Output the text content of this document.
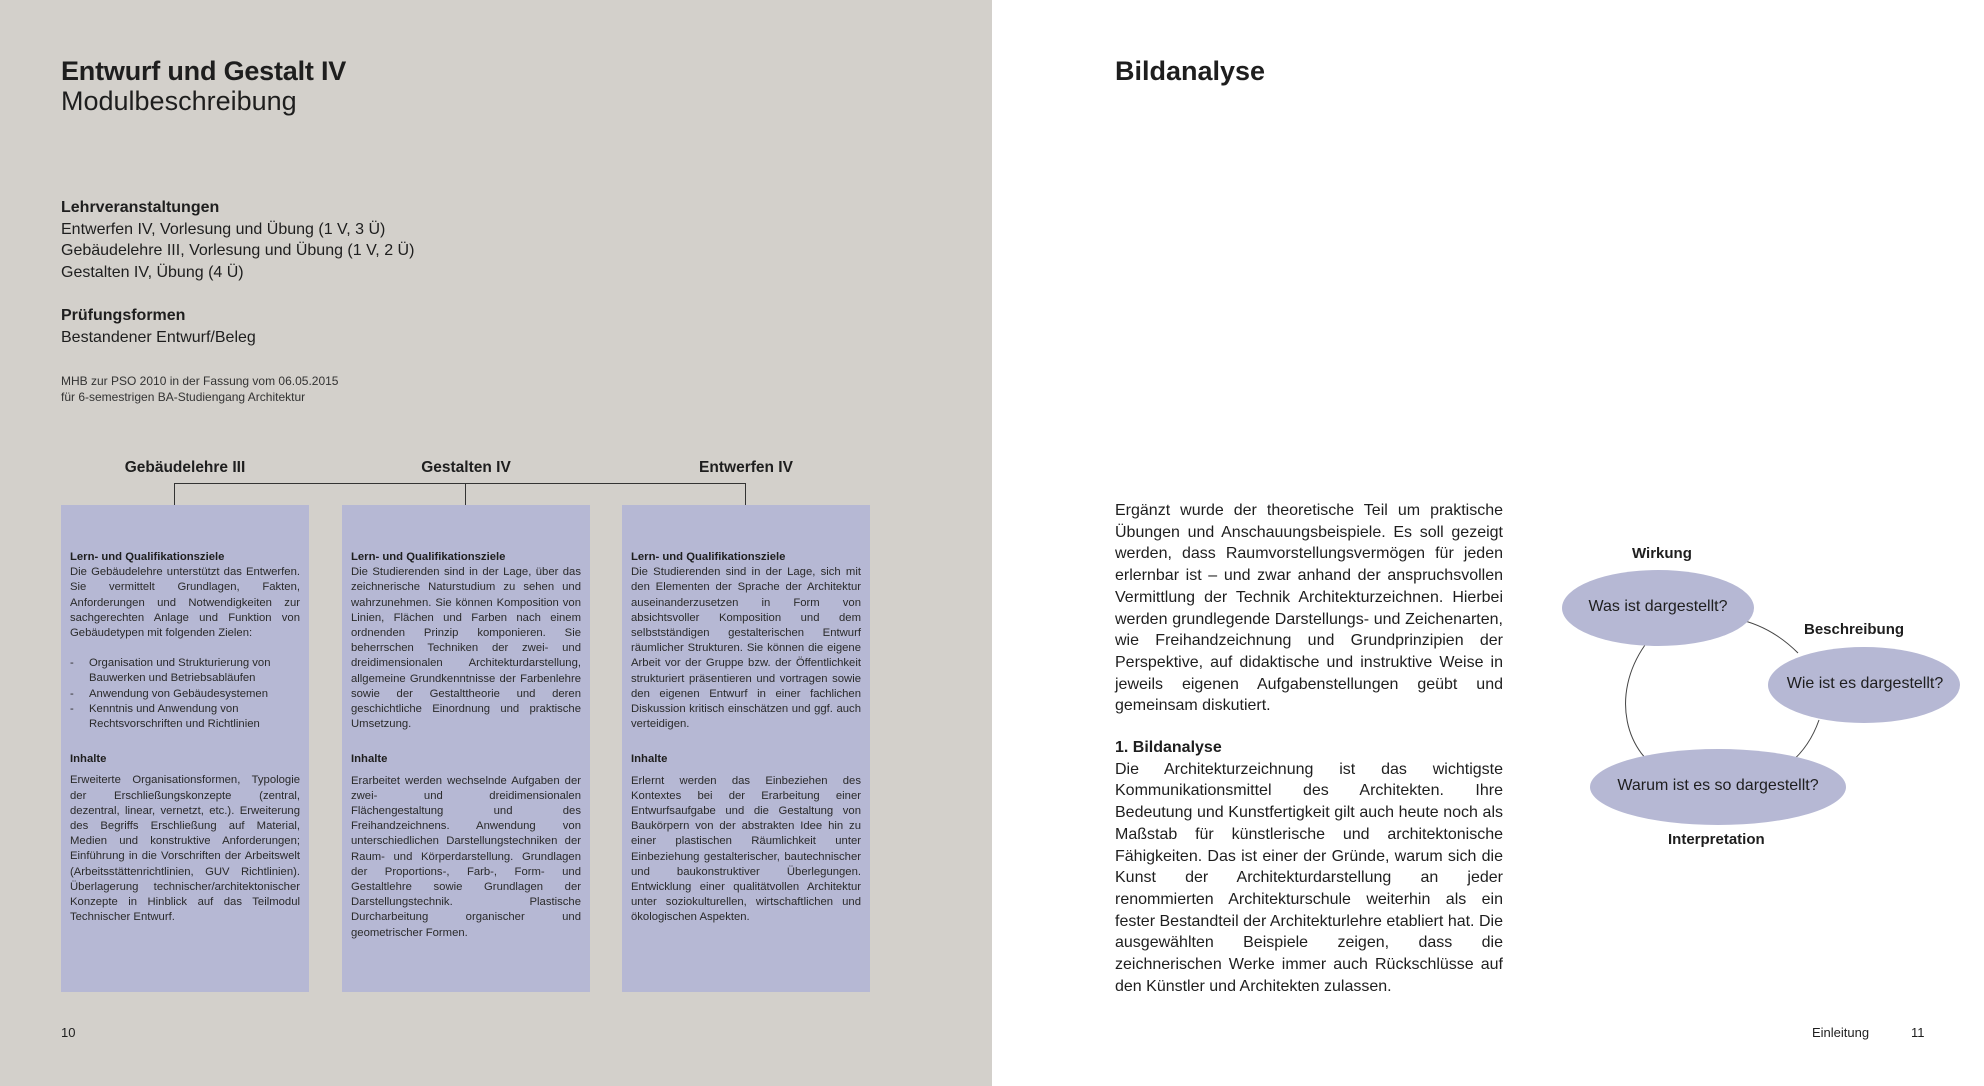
Entwurf und Gestalt IV
Modulbeschreibung
Lehrveranstaltungen
Entwerfen IV, Vorlesung und Übung (1 V, 3 Ü)
Gebäudelehre III, Vorlesung und Übung (1 V, 2 Ü)
Gestalten IV, Übung (4 Ü)
Prüfungsformen
Bestandener Entwurf/Beleg
MHB zur PSO 2010 in der Fassung vom 06.05.2015
für 6-semestrigen BA-Studiengang Architektur
Gebäudelehre III	Gestalten IV	Entwerfen IV
Lern- und Qualifikationsziele
Die Gebäudelehre unterstützt das Entwerfen. Sie vermittelt Grundlagen, Fakten, Anforderungen und Notwendigkeiten zur sachgerechten Anlage und Funktion von Gebäudetypen mit folgenden Zielen:
- Organisation und Strukturierung von Bauwerken und Betriebsabläufen
- Anwendung von Gebäudesystemen
- Kenntnis und Anwendung von Rechtsvorschriften und Richtlinien
Inhalte
Erweiterte Organisationsformen, Typologie der Erschließungskonzepte (zentral, dezentral, linear, vernetzt, etc.). Erweiterung des Begriffs Erschließung auf Material, Medien und konstruktive Anforderungen; Einführung in die Vorschriften der Arbeitswelt (Arbeitsstättenrichtlinien, GUV Richtlinien). Überlagerung technischer/architektonischer Konzepte in Hinblick auf das Teilmodul Technischer Entwurf.
Lern- und Qualifikationsziele
Die Studierenden sind in der Lage, über das zeichnerische Naturstudium zu sehen und wahrzunehmen. Sie können Komposition von Linien, Flächen und Farben nach einem ordnenden Prinzip komponieren. Sie beherrschen Techniken der zwei- und dreidimensionalen Architekturdarstellung, allgemeine Grundkenntnisse der Farbenlehre sowie der Gestalttheorie und deren geschichtliche Einordnung und praktische Umsetzung.
Inhalte
Erarbeitet werden wechselnde Aufgaben der zwei- und dreidimensionalen Flächengestaltung und des Freihandzeichnens. Anwendung von unterschiedlichen Darstellungstechniken der Raum- und Körperdarstellung. Grundlagen der Proportions-, Farb-, Form- und Gestaltlehre sowie Grundlagen der Darstellungstechnik. Plastische Durcharbeitung organischer und geometrischer Formen.
Lern- und Qualifikationsziele
Die Studierenden sind in der Lage, sich mit den Elementen der Sprache der Architektur auseinanderzusetzen in Form von absichtsvoller Komposition und dem selbstständigen gestalterischen Entwurf räumlicher Strukturen. Sie können die eigene Arbeit vor der Gruppe bzw. der Öffentlichkeit strukturiert präsentieren und vortragen sowie den eigenen Entwurf in einer fachlichen Diskussion kritisch einschätzen und ggf. auch verteidigen.
Inhalte
Erlernt werden das Einbeziehen des Kontextes bei der Erarbeitung einer Entwurfsaufgabe und die Gestaltung von Baukörpern von der abstrakten Idee hin zu einer plastischen Räumlichkeit unter Einbeziehung gestalterischer, bautechnischer und baukonstruktiver Überlegungen. Entwicklung einer qualitätvollen Architektur unter soziokulturellen, wirtschaftlichen und ökologischen Aspekten.
10
Bildanalyse
Ergänzt wurde der theoretische Teil um praktische Übungen und Anschauungsbeispiele. Es soll gezeigt werden, dass Raumvorstellungsvermögen für jeden erlernbar ist – und zwar anhand der anspruchsvollen Vermittlung der Technik Architekturzeichnen. Hierbei werden grundlegende Darstellungs- und Zeichenarten, wie Freihandzeichnung und Grundprinzipien der Perspektive, auf didaktische und instruktive Weise in jeweils eigenen Aufgabenstellungen geübt und gemeinsam diskutiert.
1. Bildanalyse
Die Architekturzeichnung ist das wichtigste Kommunikationsmittel des Architekten. Ihre Bedeutung und Kunstfertigkeit gilt auch heute noch als Maßstab für künstlerische und architektonische Fähigkeiten. Das ist einer der Gründe, warum sich die Kunst der Architekturdarstellung an jeder renommierten Architekturschule weiterhin als ein fester Bestandteil der Architekturlehre etabliert hat. Die ausgewählten Beispiele zeigen, dass die zeichnerischen Werke immer auch Rückschlüsse auf den Künstler und Architekten zulassen.
Wirkung
Beschreibung
Interpretation
Was ist dargestellt?
Wie ist es dargestellt?
Warum ist es so dargestellt?
Einleitung	11
